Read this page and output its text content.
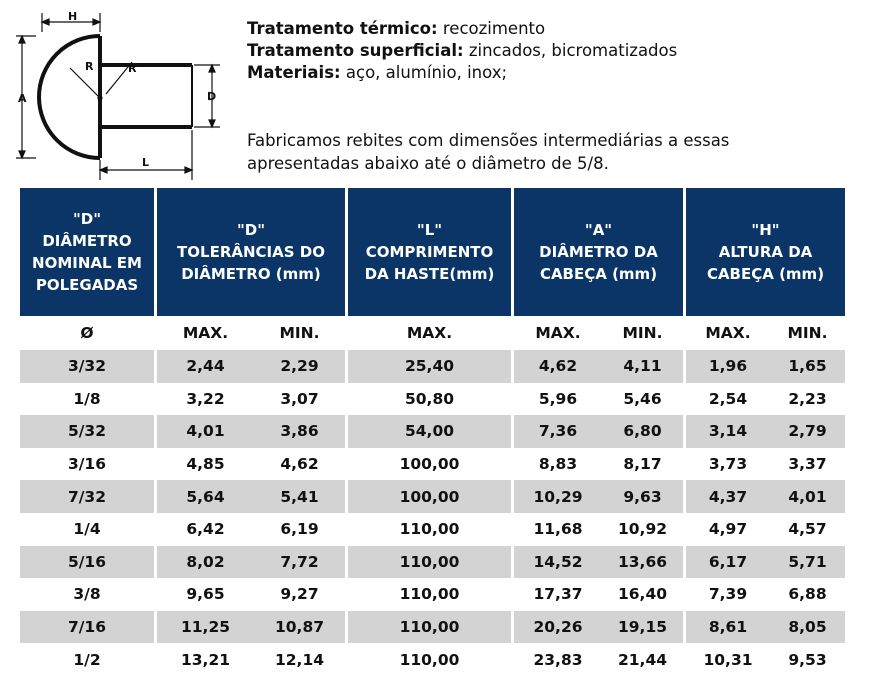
H
R	R
A	D
L
Tratamento térmico: recozimento
Tratamento superficial: zincados, bicromatizados
Materiais: aço, alumínio, inox;
Fabricamos rebites com dimensões intermediárias a essas
apresentadas abaixo até o diâmetro de 5/8.
"D"
DIÂMETRO
NOMINAL EM
POLEGADAS	"D"
TOLERÂNCIAS DO
DIÂMETRO (mm)		"L"
COMPRIMENTO
DA HASTE(mm)	"A"
DIÂMETRO DA
CABEÇA (mm)		"H"
ALTURA DA
CABEÇA (mm)	

Ø	MAX.	MIN.	MAX.	MAX.	MIN.	MAX.	MIN.
3/32	2,44	2,29	25,40	4,62	4,11	1,96	1,65
1/8	3,22	3,07	50,80	5,96	5,46	2,54	2,23
5/32	4,01	3,86	54,00	7,36	6,80	3,14	2,79
3/16	4,85	4,62	100,00	8,83	8,17	3,73	3,37
7/32	5,64	5,41	100,00	10,29	9,63	4,37	4,01
1/4	6,42	6,19	110,00	11,68	10,92	4,97	4,57
5/16	8,02	7,72	110,00	14,52	13,66	6,17	5,71
3/8	9,65	9,27	110,00	17,37	16,40	7,39	6,88
7/16	11,25	10,87	110,00	20,26	19,15	8,61	8,05
1/2	13,21	12,14	110,00	23,83	21,44	10,31	9,53
